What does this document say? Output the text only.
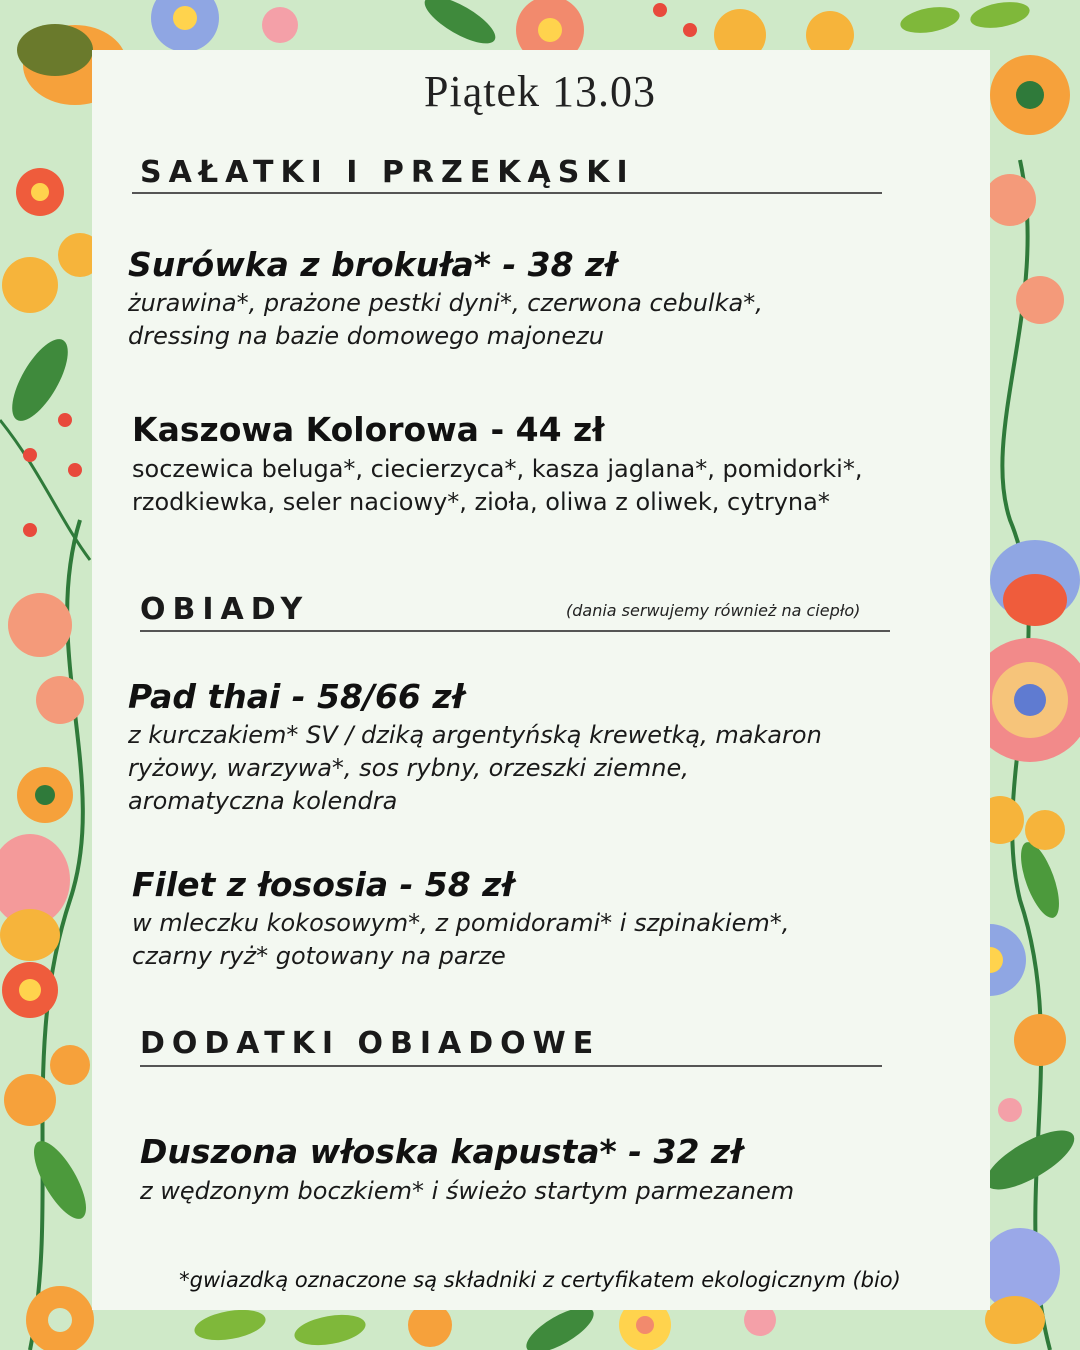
Piątek 13.03
SAŁATKI I PRZEKĄSKI
Surówka z brokuła* - 38 zł
żurawina*, prażone pestki dyni*, czerwona cebulka*,
dressing na bazie domowego majonezu
Kaszowa Kolorowa - 44 zł
soczewica beluga*, ciecierzyca*, kasza jaglana*, pomidorki*,
rzodkiewka, seler naciowy*, zioła, oliwa z oliwek, cytryna*
OBIADY	(dania serwujemy również na ciepło)
Pad thai - 58/66 zł
z kurczakiem* SV / dziką argentyńską krewetką, makaron
ryżowy, warzywa*, sos rybny, orzeszki ziemne,
aromatyczna kolendra
Filet z łososia - 58 zł
w mleczku kokosowym*, z pomidorami* i szpinakiem*,
czarny ryż* gotowany na parze
DODATKI OBIADOWE
Duszona włoska kapusta* - 32 zł
z wędzonym boczkiem* i świeżo startym parmezanem
*gwiazdką oznaczone są składniki z certyfikatem ekologicznym (bio)
